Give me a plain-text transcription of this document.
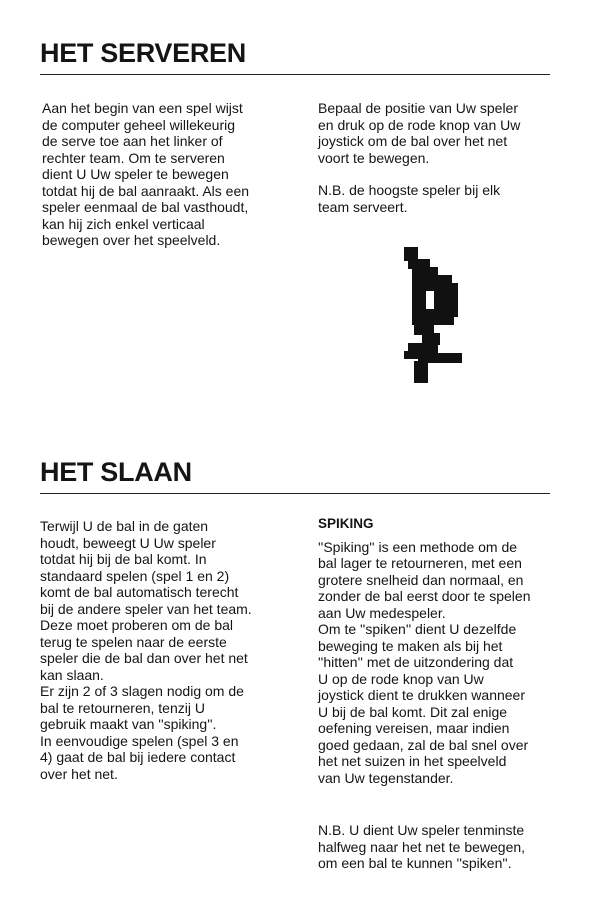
HET SERVEREN

Aan het begin van een spel wijst
de computer geheel willekeurig
de serve toe aan het linker of
rechter team. Om te serveren
dient U Uw speler te bewegen
totdat hij de bal aanraakt. Als een
speler eenmaal de bal vasthoudt,
kan hij zich enkel verticaal
bewegen over het speelveld.

Bepaal de positie van Uw speler
en druk op de rode knop van Uw
joystick om de bal over het net
voort te bewegen.

N.B. de hoogste speler bij elk
team serveert.

HET SLAAN

Terwijl U de bal in de gaten
houdt, beweegt U Uw speler
totdat hij bij de bal komt. In
standaard spelen (spel 1 en 2)
komt de bal automatisch terecht
bij de andere speler van het team.
Deze moet proberen om de bal
terug te spelen naar de eerste
speler die de bal dan over het net
kan slaan.
Er zijn 2 of 3 slagen nodig om de
bal te retourneren, tenzij U
gebruik maakt van ''spiking''.
In eenvoudige spelen (spel 3 en
4) gaat de bal bij iedere contact
over het net.

SPIKING

''Spiking'' is een methode om de
bal lager te retourneren, met een
grotere snelheid dan normaal, en
zonder de bal eerst door te spelen
aan Uw medespeler.
Om te ''spiken'' dient U dezelfde
beweging te maken als bij het
''hitten'' met de uitzondering dat
U op de rode knop van Uw
joystick dient te drukken wanneer
U bij de bal komt. Dit zal enige
oefening vereisen, maar indien
goed gedaan, zal de bal snel over
het net suizen in het speelveld
van Uw tegenstander.

N.B. U dient Uw speler tenminste
halfweg naar het net te bewegen,
om een bal te kunnen ''spiken''.
